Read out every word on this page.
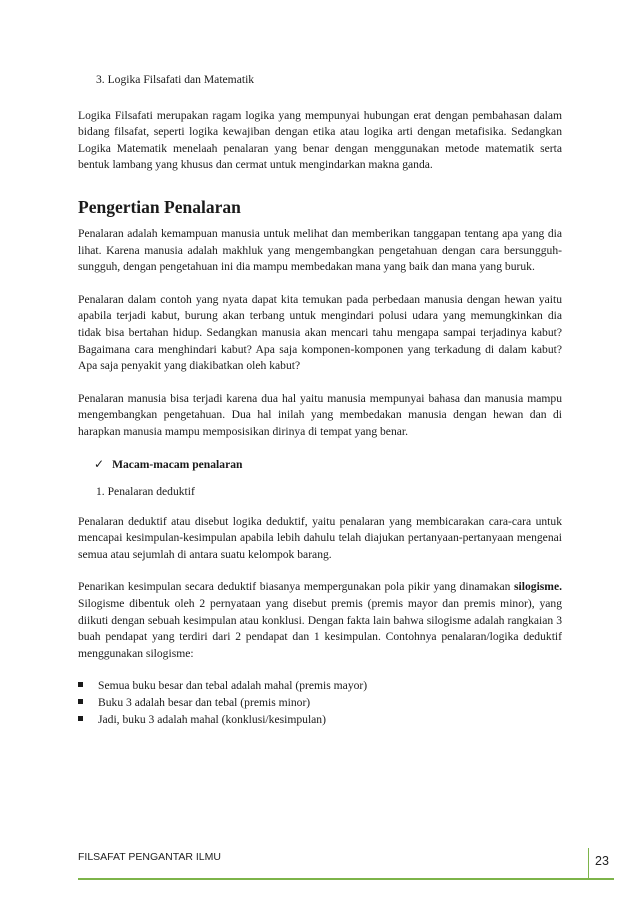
3. Logika Filsafati dan Matematik

Logika Filsafati merupakan ragam logika yang mempunyai hubungan erat dengan pembahasan dalam bidang filsafat, seperti logika kewajiban dengan etika atau logika arti dengan metafisika. Sedangkan Logika Matematik menelaah penalaran yang benar dengan menggunakan metode matematik serta bentuk lambang yang khusus dan cermat untuk mengindarkan makna ganda.

Pengertian Penalaran

Penalaran adalah kemampuan manusia untuk melihat dan memberikan tanggapan tentang apa yang dia lihat. Karena manusia adalah makhluk yang mengembangkan pengetahuan dengan cara bersungguh-sungguh, dengan pengetahuan ini dia mampu membedakan mana yang baik dan mana yang buruk.

Penalaran dalam contoh yang nyata dapat kita temukan pada perbedaan manusia dengan hewan yaitu apabila terjadi kabut, burung akan terbang untuk mengindari polusi udara yang memungkinkan dia tidak bisa bertahan hidup. Sedangkan manusia akan mencari tahu mengapa sampai terjadinya kabut? Bagaimana cara menghindari kabut? Apa saja komponen-komponen yang terkadung di dalam kabut? Apa saja penyakit yang diakibatkan oleh kabut?

Penalaran manusia bisa terjadi karena dua hal yaitu manusia mempunyai bahasa dan manusia mampu mengembangkan pengetahuan. Dua hal inilah yang membedakan manusia dengan hewan dan di harapkan manusia mampu memposisikan dirinya di tempat yang benar.

✓ Macam-macam penalaran

1. Penalaran deduktif

Penalaran deduktif atau disebut logika deduktif, yaitu penalaran yang membicarakan cara-cara untuk mencapai kesimpulan-kesimpulan apabila lebih dahulu telah diajukan pertanyaan-pertanyaan mengenai semua atau sejumlah di antara suatu kelompok barang.

Penarikan kesimpulan secara deduktif biasanya mempergunakan pola pikir yang dinamakan silogisme. Silogisme dibentuk oleh 2 pernyataan yang disebut premis (premis mayor dan premis minor), yang diikuti dengan sebuah kesimpulan atau konklusi. Dengan fakta lain bahwa silogisme adalah rangkaian 3 buah pendapat yang terdiri dari 2 pendapat dan 1 kesimpulan. Contohnya penalaran/logika deduktif menggunakan silogisme:

Semua buku besar dan tebal adalah mahal (premis mayor)
Buku 3 adalah besar dan tebal (premis minor)
Jadi, buku 3 adalah mahal (konklusi/kesimpulan)
FILSAFAT PENGANTAR ILMU	23
